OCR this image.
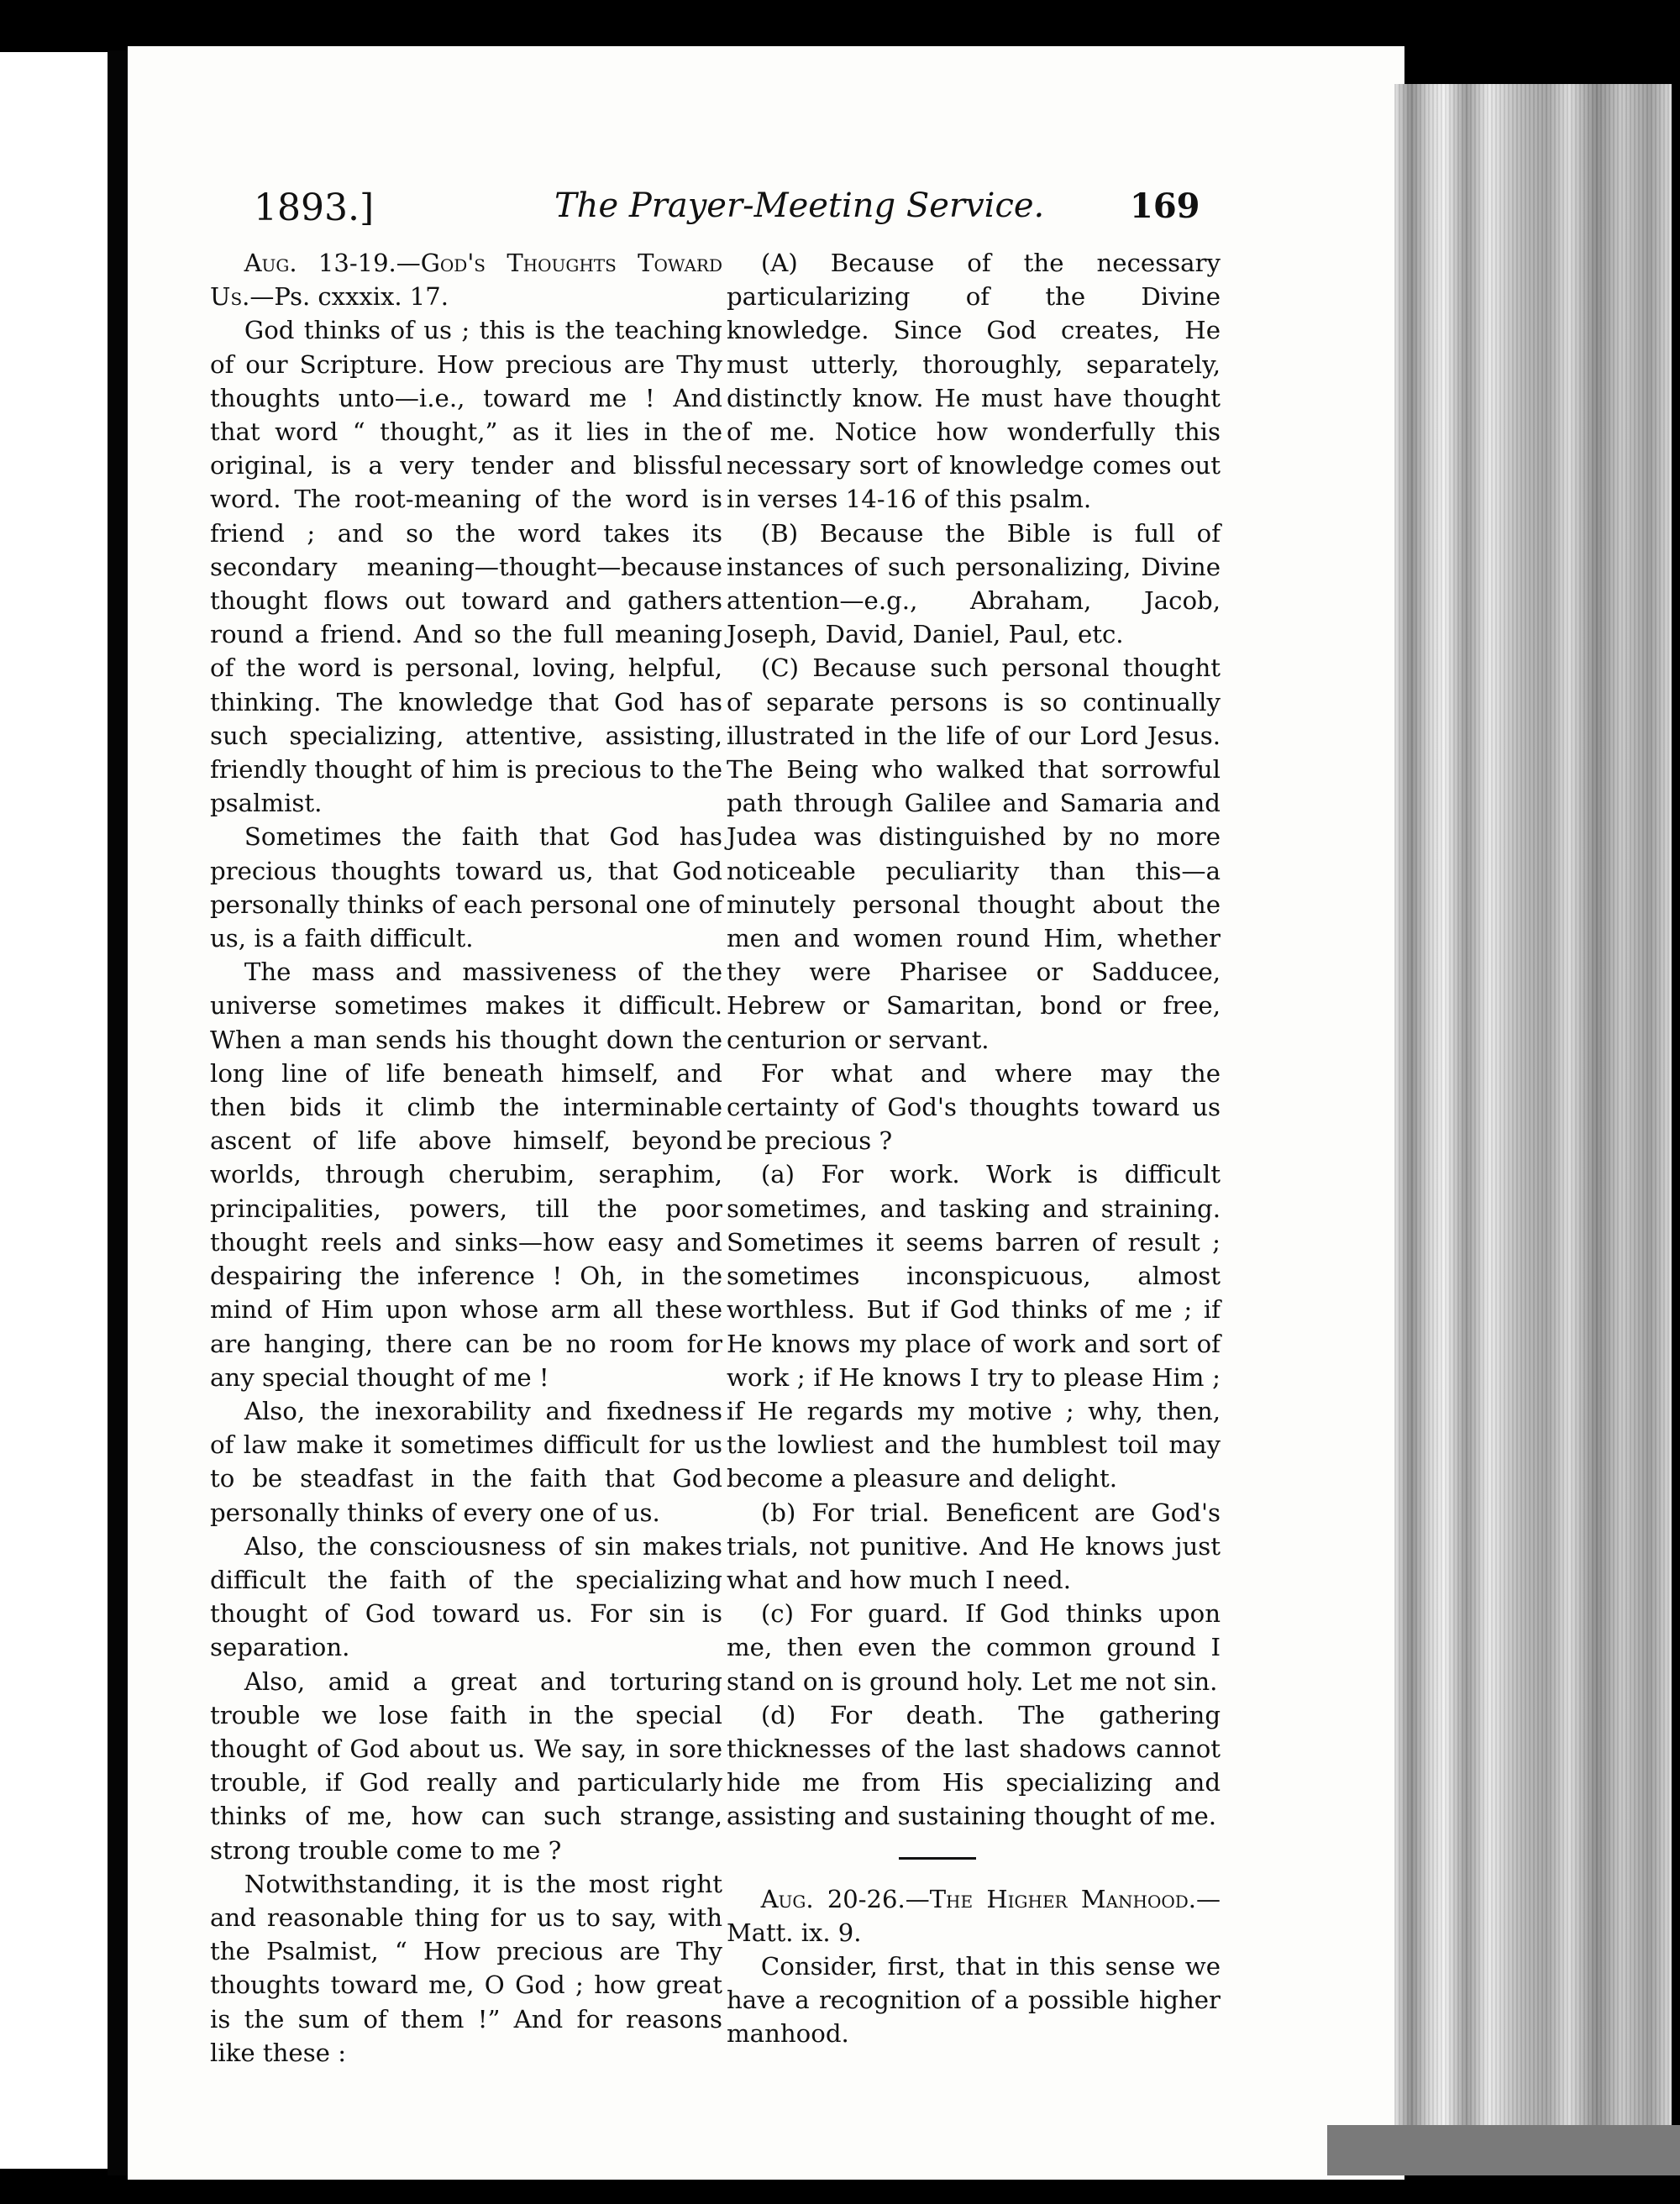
1893.]	The Prayer-Meeting Service.	169

Aug. 13-19.—God's Thoughts Toward Us.—Ps. cxxxix. 17.

God thinks of us ; this is the teaching of our Scripture. How precious are Thy thoughts unto—i.e., toward me ! And that word “ thought,” as it lies in the original, is a very tender and blissful word. The root-meaning of the word is friend ; and so the word takes its secondary meaning—thought—because thought flows out toward and gathers round a friend. And so the full meaning of the word is personal, loving, helpful, thinking. The knowledge that God has such specializing, attentive, assisting, friendly thought of him is precious to the psalmist.

Sometimes the faith that God has precious thoughts toward us, that God personally thinks of each personal one of us, is a faith difficult.

The mass and massiveness of the universe sometimes makes it difficult. When a man sends his thought down the long line of life beneath himself, and then bids it climb the interminable ascent of life above himself, beyond worlds, through cherubim, seraphim, principalities, powers, till the poor thought reels and sinks—how easy and despairing the inference ! Oh, in the mind of Him upon whose arm all these are hanging, there can be no room for any special thought of me !

Also, the inexorability and fixedness of law make it sometimes difficult for us to be steadfast in the faith that God personally thinks of every one of us.

Also, the consciousness of sin makes difficult the faith of the specializing thought of God toward us. For sin is separation.

Also, amid a great and torturing trouble we lose faith in the special thought of God about us. We say, in sore trouble, if God really and particularly thinks of me, how can such strange, strong trouble come to me ?

Notwithstanding, it is the most right and reasonable thing for us to say, with the Psalmist, “ How precious are Thy thoughts toward me, O God ; how great is the sum of them !” And for reasons like these :

(A) Because of the necessary particularizing of the Divine knowledge. Since God creates, He must utterly, thoroughly, separately, distinctly know. He must have thought of me. Notice how wonderfully this necessary sort of knowledge comes out in verses 14-16 of this psalm.

(B) Because the Bible is full of instances of such personalizing, Divine attention—e.g., Abraham, Jacob, Joseph, David, Daniel, Paul, etc.

(C) Because such personal thought of separate persons is so continually illustrated in the life of our Lord Jesus. The Being who walked that sorrowful path through Galilee and Samaria and Judea was distinguished by no more noticeable peculiarity than this—a minutely personal thought about the men and women round Him, whether they were Pharisee or Sadducee, Hebrew or Samaritan, bond or free, centurion or servant.

For what and where may the certainty of God's thoughts toward us be precious ?

(a) For work. Work is difficult sometimes, and tasking and straining. Sometimes it seems barren of result ; sometimes inconspicuous, almost worthless. But if God thinks of me ; if He knows my place of work and sort of work ; if He knows I try to please Him ; if He regards my motive ; why, then, the lowliest and the humblest toil may become a pleasure and delight.

(b) For trial. Beneficent are God's trials, not punitive. And He knows just what and how much I need.

(c) For guard. If God thinks upon me, then even the common ground I stand on is ground holy. Let me not sin.

(d) For death. The gathering thicknesses of the last shadows cannot hide me from His specializing and assisting and sustaining thought of me.

Aug. 20-26.—The Higher Manhood.—Matt. ix. 9.

Consider, first, that in this sense we have a recognition of a possible higher manhood.
